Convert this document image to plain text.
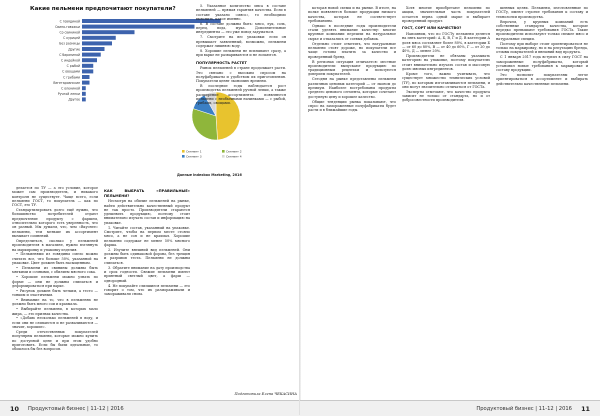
Какие пельмени предпочитают покупатели?
С говядиной
Свино-говяжьи
Со свининой
С курицей
Без разницы
Другие
С бараниной
С индейкой
С рыбой
С овощами
С грибами
Вегетарианские
С олениной
Ручной лепки
Другое
Сегмент 1	Сегмент 2
Сегмент 3	Сегмент 4
Данные Indexbox Marketing, 2016

делается по ТУ — а это условие, которое может сам производитель, и никакого контроля не существует. Чаще всего, если пельмени ГОСТ, то покупатель — как по ГОСТ, это ТУ.

Стандартизировать долго ещё нужно, что большинство потребителей отдают предпочтение продукту с фаршем, относительно которого есть уверенность, что он разный. Мы думаем, что, чем «Вкуснее» пельмени, тем меньше их ассортимент вызывает сомнений.

Определиться, сколько у пельменей производителя в магазине, нужно взглянуть на маркировку и упаковку изделия.

• Пельменями из говядины смело можно считать все, что больше 50%, указанной на упаковке. Цвет должен быть насыщенным.

• Пельмени из свинины должны быть мягкими и сочными, с обилием мясного сока.

• Хорошие пельмени можно узнать по форме — они не должны слипаться и деформироваться при варке.

• Рисунок должен быть четким, а тесто — тонким и эластичным.

• Внимание на то, что в пельменях не должно быть много сои и крахмала.

• Выбирайте пельмени, в которых мало жира, — это признак качества.

• «Добавь несколько пельменей в воду, и если они не слипаются и не разваливаются — значит, хорошие».

Среди отечественных покупателей популярны пельмени, которые можно купить по доступной цене и при этом удобно приготовить. Если бы были идеальные, то обошлось бы без вопросов.

КАК ВЫБРАТЬ «ПРАВИЛЬНЫЕ» ПЕЛЬМЕНИ?

Несмотря на обилие пельменей на рынке, найти действительно качественный продукт не так просто. Производители стараются удешевить продукцию, поэтому стоит внимательно изучать состав и информацию на упаковке.

1. Читайте состав, указанный на упаковке. Смотрите, чтобы на первом месте стояло мясо, а не соя и не крахмал. Хорошие пельмени содержат не менее 50% мясного фарша.

2. Изучите внешний вид пельменей. Они должны быть одинаковой формы, без трещин и разрывов теста. Пельмени не должны слипаться.

3. Обратите внимание на дату производства и срок годности. Свежие пельмени имеют приятный светлый цвет, а фарш — однородный.

4. Не покупайте слипшиеся пельмени — это говорит о том, что их размораживали и замораживали снова.

5. Указанное количество мяса в составе пельменей — прямая гарантия качества. Если в составе указано «мясо», то необходимо выяснить, какое именно.

6. В составе должны быть: мясо, лук, соль, перец, вода, мука. Дополнительные ингредиенты — это уже повод задуматься.

7. Смотрите на вес упаковки: если он превышает заявленный, возможно, пельмени содержат лишнюю воду.

8. Хорошие пельмени не всплывают сразу, а при варке не развариваются и не лопаются.

ПОПУЛЯРНОСТЬ РАСТЕТ

Рынок пельменей в стране продолжает расти. Это связано с высоким спросом на полуфабрикаты и удобством их приготовления. Покупатели ценят экономию времени.

В последние годы наблюдается рост производства пельменей ручной лепки, а также расширение ассортимента: появляются пельмени с необычными начинками — с рыбой, грибами, овощами.

10 Продуктовый бизнес | 11-12 | 2016

которая новой схемы и на рынке. В итоге, на полке появляется больше продукции низкого качества, которая не соответствует требованиям.

Однако в последние годы производители стали уделять внимание качеству: многие крупные компании перешли на натуральное сырье и отказались от соевых добавок.

Отдельно стоит отметить, что натуральные пельмени стоят дороже, но покупатели все чаще готовы платить за качество и проверенный бренд.

В регионах ситуация отличается: местные производители выпускают продукцию по традиционным рецептам и пользуются доверием покупателей.

Сегодня на рынке представлены пельмени различных ценовых категорий — от эконом до премиум. Наиболее востребованы продукты среднего ценового сегмента, которые сочетают доступную цену и хорошее качество.

Общие тенденции рынка показывают, что спрос на замороженные полуфабрикаты будет расти и в ближайшие годы.

Хотя многие приобретают пельмени по акции, значительная часть покупателей остается верна одной марке и выбирает проверенный продукт.

ГОСТ, СОРТ ИЛИ КАЧЕСТВО?

Напомним, что по ГОСТу пельмени делятся на пять категорий: А, Б, В, Г и Д. В категории А доля мяса составляет более 80%, в категории Б — от 60 до 80%, В — от 40 до 60%, Г — от 20 до 40%, Д — менее 20%.

Производители не обязаны указывать категорию на упаковке, поэтому покупателю стоит внимательно изучать состав и массовую долю мясных ингредиентов.

Кроме того, важно учитывать, что существует множество технических условий (ТУ), по которым изготавливаются пельмени, и они могут значительно отличаться от ГОСТа.

Эксперты отмечают, что качество продукта зависит не только от стандарта, но и от добросовестности производителя.

шенных целях. Пельмени, изготовленные по ГОСТу, имеют строгие требования к составу и технологии производства.

Впрочем, у крупных компаний есть собственные стандарты качества, которые нередко превышают требования ГОСТа. Такие производители используют только свежее мясо и натуральные специи.

Поэтому при выборе стоит ориентироваться не только на маркировку, но и на репутацию бренда, отзывы покупателей и внешний вид продукта.

С 1 января 2017 года вступил в силу ГОСТ на замороженные полуфабрикаты, который установил новые требования к маркировке и составу продукции.

Это позволит покупателям легче ориентироваться в ассортименте и выбирать действительно качественные пельмени.

Подготовила Елена ЧЕКАСИНА
Продуктовый бизнес | 11-12 | 2016 11
